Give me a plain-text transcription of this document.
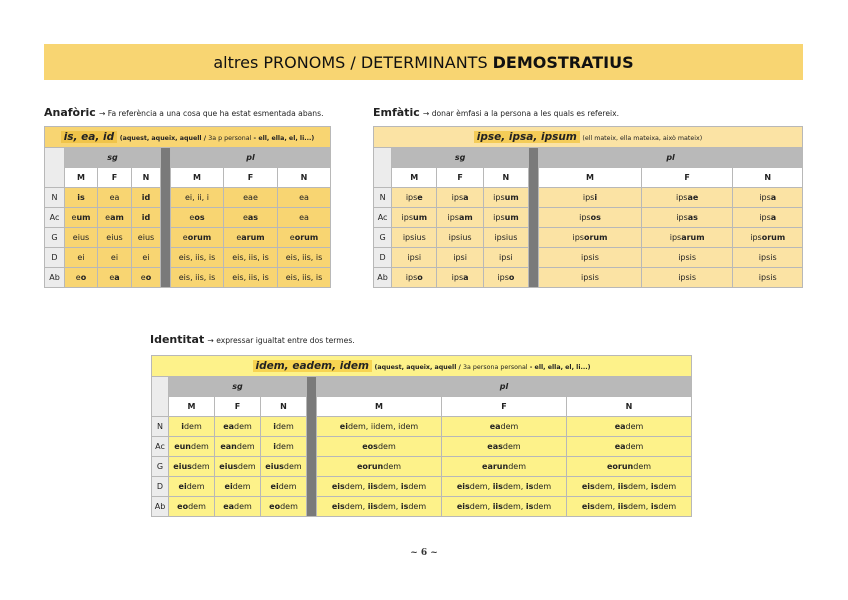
altres PRONOMS / DETERMINANTS DEMOSTRATIUS
Anafòric → Fa referència a una cosa que ha estat esmentada abans.
is, ea, id (aquest, aqueix, aquell / 3a p personal - ell, ella, el, li...)							
	sg				pl		
	M	F	N		M	F	N
N	is	ea	id		ei, ii, i	eae	ea
Ac	eum	eam	id		eos	eas	ea
G	eius	eius	eius		eorum	earum	eorum
D	ei	ei	ei		eis, iis, is	eis, iis, is	eis, iis, is
Ab	eo	ea	eo		eis, iis, is	eis, iis, is	eis, iis, is
Emfàtic → donar èmfasi a la persona a les quals es refereix.
ipse, ipsa, ipsum (ell mateix, ella mateixa, això mateix)							
	sg				pl		
	M	F	N		M	F	N
N	ipse	ipsa	ipsum		ipsi	ipsae	ipsa
Ac	ipsum	ipsam	ipsum		ipsos	ipsas	ipsa
G	ipsius	ipsius	ipsius		ipsorum	ipsarum	ipsorum
D	ipsi	ipsi	ipsi		ipsis	ipsis	ipsis
Ab	ipso	ipsa	ipso		ipsis	ipsis	ipsis
Identitat → expressar igualtat entre dos termes.
idem, eadem, idem (aquest, aqueix, aquell / 3a persona personal - ell, ella, el, li...)							
	sg				pl		
	M	F	N		M	F	N
N	idem	eadem	idem		eidem, iidem, idem	eadem	eadem
Ac	eundem	eandem	idem		eosdem	easdem	eadem
G	eiusdem	eiusdem	eiusdem		eorundem	earundem	eorundem
D	eidem	eidem	eidem		eisdem, iisdem, isdem	eisdem, iisdem, isdem	eisdem, iisdem, isdem
Ab	eodem	eadem	eodem		eisdem, iisdem, isdem	eisdem, iisdem, isdem	eisdem, iisdem, isdem
~ 6 ~
